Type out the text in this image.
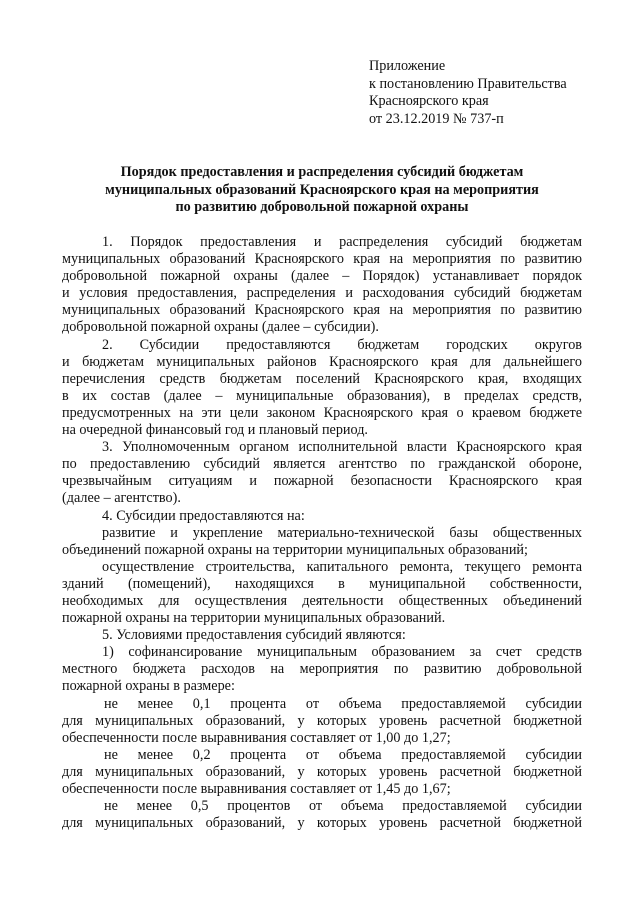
Приложение
к постановлению Правительства
Красноярского края
от 23.12.2019 № 737-п
Порядок предоставления и распределения субсидий бюджетам
муниципальных образований Красноярского края на мероприятия
по развитию добровольной пожарной охраны
1. Порядок предоставления и распределения субсидий бюджетам
муниципальных образований Красноярского края на мероприятия по развитию
добровольной пожарной охраны (далее – Порядок) устанавливает порядок
и условия предоставления, распределения и расходования субсидий бюджетам
муниципальных образований Красноярского края на мероприятия по развитию
добровольной пожарной охраны (далее – субсидии).
2. Субсидии предоставляются бюджетам городских округов
и бюджетам муниципальных районов Красноярского края для дальнейшего
перечисления средств бюджетам поселений Красноярского края, входящих
в их состав (далее – муниципальные образования), в пределах средств,
предусмотренных на эти цели законом Красноярского края о краевом бюджете
на очередной финансовый год и плановый период.
3. Уполномоченным органом исполнительной власти Красноярского края
по предоставлению субсидий является агентство по гражданской обороне,
чрезвычайным ситуациям и пожарной безопасности Красноярского края
(далее – агентство).
4. Субсидии предоставляются на:
развитие и укрепление материально-технической базы общественных
объединений пожарной охраны на территории муниципальных образований;
осуществление строительства, капитального ремонта, текущего ремонта
зданий (помещений), находящихся в муниципальной собственности,
необходимых для осуществления деятельности общественных объединений
пожарной охраны на территории муниципальных образований.
5. Условиями предоставления субсидий являются:
1) софинансирование муниципальным образованием за счет средств
местного бюджета расходов на мероприятия по развитию добровольной
пожарной охраны в размере:
не менее 0,1 процента от объема предоставляемой субсидии
для муниципальных образований, у которых уровень расчетной бюджетной
обеспеченности после выравнивания составляет от 1,00 до 1,27;
не менее 0,2 процента от объема предоставляемой субсидии
для муниципальных образований, у которых уровень расчетной бюджетной
обеспеченности после выравнивания составляет от 1,45 до 1,67;
не менее 0,5 процентов от объема предоставляемой субсидии
для муниципальных образований, у которых уровень расчетной бюджетной
